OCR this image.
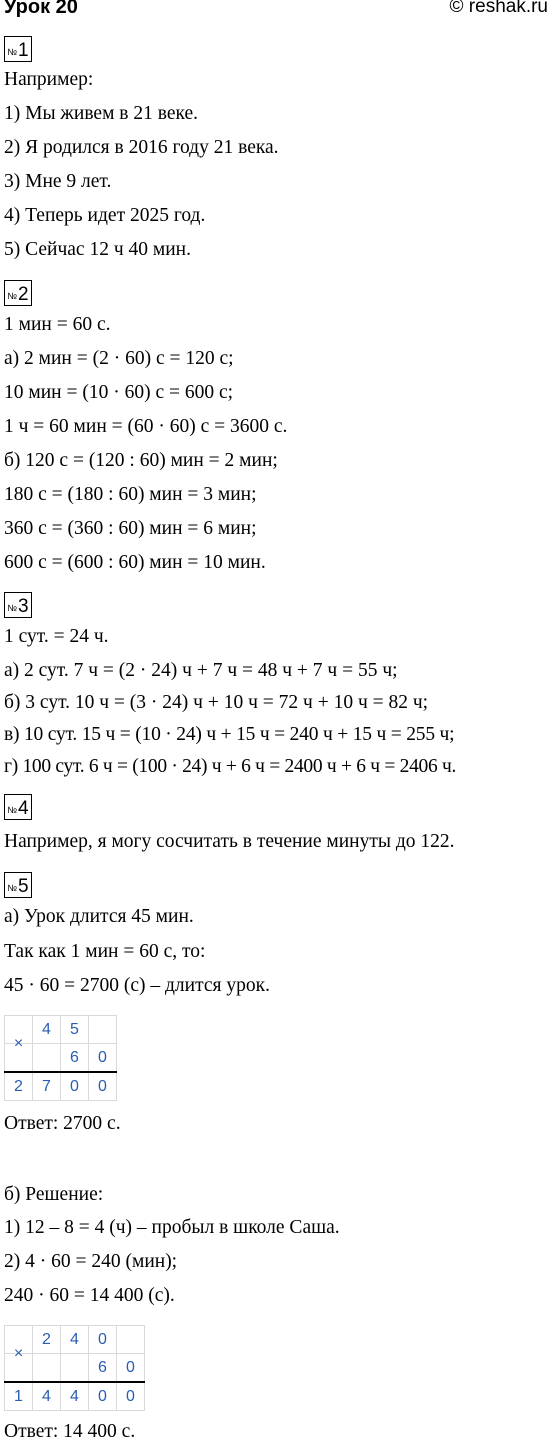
Урок 20	© reshak.ru
№ 1
Например:
1) Мы живем в 21 веке.
2) Я родился в 2016 году 21 века.
3) Мне 9 лет.
4) Теперь идет 2025 год.
5) Сейчас 12 ч 40 мин.
№ 2
1 мин = 60 с.
а) 2 мин = (2 · 60) с = 120 с;
10 мин = (10 · 60) с = 600 с;
1 ч = 60 мин = (60 · 60) с = 3600 с.
б) 120 с = (120 : 60) мин = 2 мин;
180 с = (180 : 60) мин = 3 мин;
360 с = (360 : 60) мин = 6 мин;
600 с = (600 : 60) мин = 10 мин.
№ 3
1 сут. = 24 ч.
а) 2 сут. 7 ч = (2 · 24) ч + 7 ч = 48 ч + 7 ч = 55 ч;
б) 3 сут. 10 ч = (3 · 24) ч + 10 ч = 72 ч + 10 ч = 82 ч;
в) 10 сут. 15 ч = (10 · 24) ч + 15 ч = 240 ч + 15 ч = 255 ч;
г) 100 сут. 6 ч = (100 · 24) ч + 6 ч = 2400 ч + 6 ч = 2406 ч.
№ 4
Например, я могу сосчитать в течение минуты до 122.
№ 5
а) Урок длится 45 мин.
Так как 1 мин = 60 с, то:
45 · 60 = 2700 (с) – длится урок.
	4	5	
×		6	0
2	7	0	0
Ответ: 2700 с.
б) Решение:
1) 12 – 8 = 4 (ч) – пробыл в школе Саша.
2) 4 · 60 = 240 (мин);
240 · 60 = 14 400 (с).
	2	4	0	
×			6	0
1	4	4	0	0
Ответ: 14 400 с.
